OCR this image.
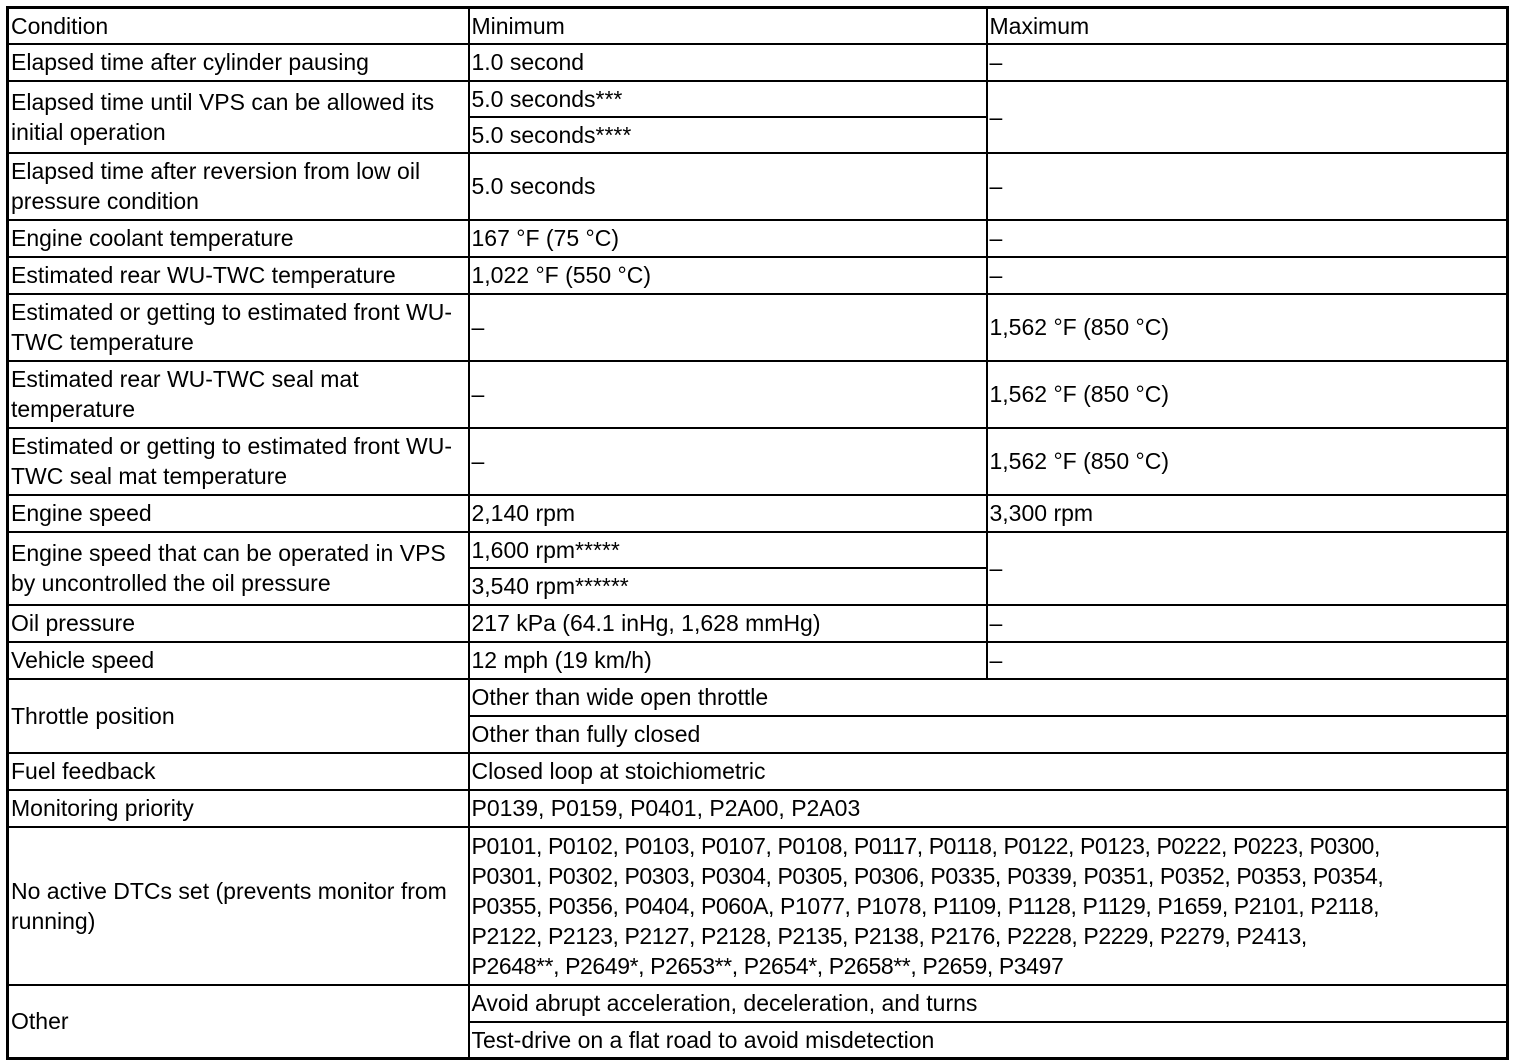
Condition	Minimum	Maximum
Elapsed time after cylinder pausing	1.0 second	–
Elapsed time until VPS can be allowed its initial operation	5.0 seconds***	–
	5.0 seconds****	
Elapsed time after reversion from low oil pressure condition	5.0 seconds	–
Engine coolant temperature	167 °F (75 °C)	–
Estimated rear WU-TWC temperature	1,022 °F (550 °C)	–
Estimated or getting to estimated front WU-TWC temperature	–	1,562 °F (850 °C)
Estimated rear WU-TWC seal mat temperature	–	1,562 °F (850 °C)
Estimated or getting to estimated front WU-TWC seal mat temperature	–	1,562 °F (850 °C)
Engine speed	2,140 rpm	3,300 rpm
Engine speed that can be operated in VPS by uncontrolled the oil pressure	1,600 rpm*****	–
	3,540 rpm******	
Oil pressure	217 kPa (64.1 inHg, 1,628 mmHg)	–
Vehicle speed	12 mph (19 km/h)	–
Throttle position	Other than wide open throttle	
	Other than fully closed	
Fuel feedback	Closed loop at stoichiometric	
Monitoring priority	P0139, P0159, P0401, P2A00, P2A03	
No active DTCs set (prevents monitor from running)	P0101, P0102, P0103, P0107, P0108, P0117, P0118, P0122, P0123, P0222, P0223, P0300,
P0301, P0302, P0303, P0304, P0305, P0306, P0335, P0339, P0351, P0352, P0353, P0354,
P0355, P0356, P0404, P060A, P1077, P1078, P1109, P1128, P1129, P1659, P2101, P2118,
P2122, P2123, P2127, P2128, P2135, P2138, P2176, P2228, P2229, P2279, P2413,
P2648**, P2649*, P2653**, P2654*, P2658**, P2659, P3497	
Other	Avoid abrupt acceleration, deceleration, and turns	
	Test-drive on a flat road to avoid misdetection	
